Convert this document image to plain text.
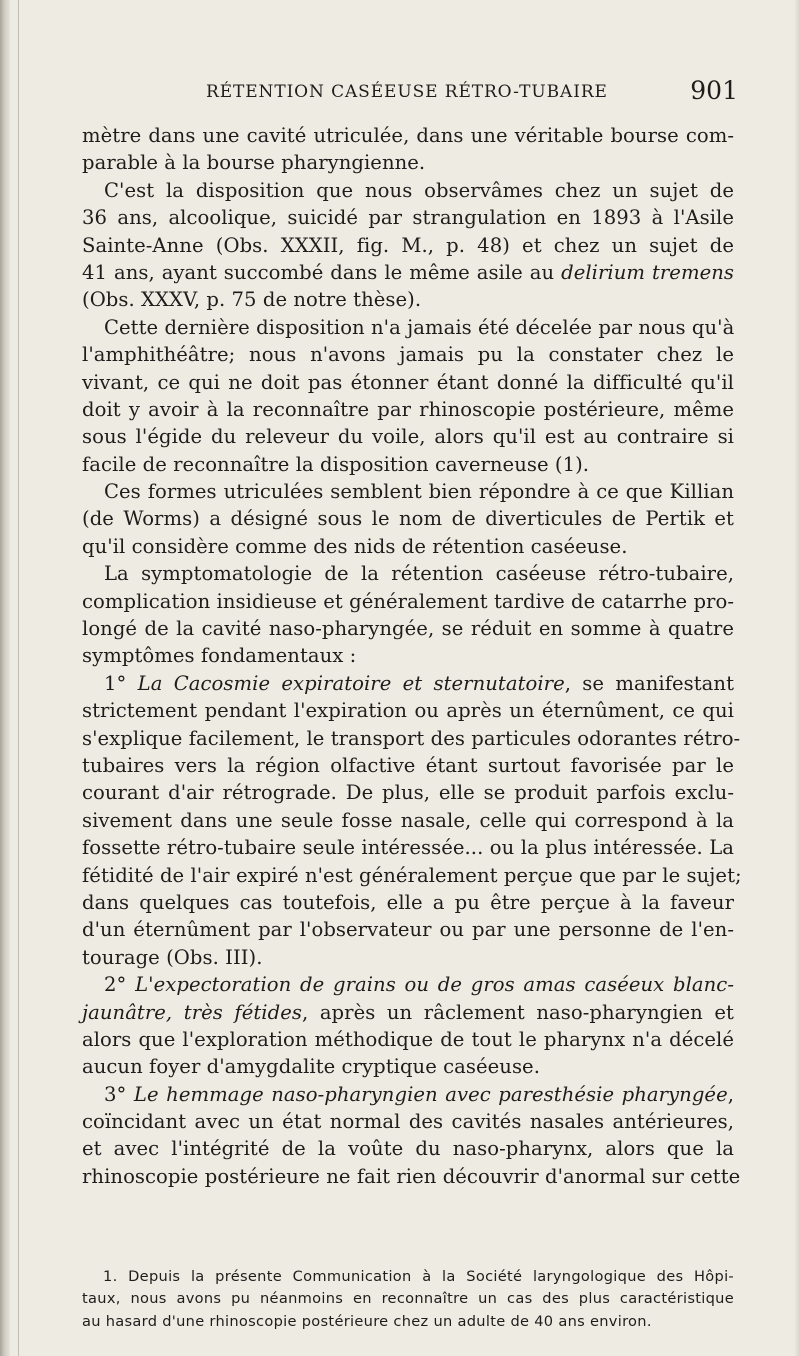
RÉTENTION CASÉEUSE RÉTRO-TUBAIRE	901
mètre dans une cavité utriculée, dans une véritable bourse com-
parable à la bourse pharyngienne.
C'est la disposition que nous observâmes chez un sujet de
36 ans, alcoolique, suicidé par strangulation en 1893 à l'Asile
Sainte-Anne (Obs. XXXII, fig. M., p. 48) et chez un sujet de
41 ans, ayant succombé dans le même asile au delirium tremens
(Obs. XXXV, p. 75 de notre thèse).
Cette dernière disposition n'a jamais été décelée par nous qu'à
l'amphithéâtre; nous n'avons jamais pu la constater chez le
vivant, ce qui ne doit pas étonner étant donné la difficulté qu'il
doit y avoir à la reconnaître par rhinoscopie postérieure, même
sous l'égide du releveur du voile, alors qu'il est au contraire si
facile de reconnaître la disposition caverneuse (1).
Ces formes utriculées semblent bien répondre à ce que Killian
(de Worms) a désigné sous le nom de diverticules de Pertik et
qu'il considère comme des nids de rétention caséeuse.
La symptomatologie de la rétention caséeuse rétro-tubaire,
complication insidieuse et généralement tardive de catarrhe pro-
longé de la cavité naso-pharyngée, se réduit en somme à quatre
symptômes fondamentaux :
1° La Cacosmie expiratoire et sternutatoire, se manifestant
strictement pendant l'expiration ou après un éternûment, ce qui
s'explique facilement, le transport des particules odorantes rétro-
tubaires vers la région olfactive étant surtout favorisée par le
courant d'air rétrograde. De plus, elle se produit parfois exclu-
sivement dans une seule fosse nasale, celle qui correspond à la
fossette rétro-tubaire seule intéressée... ou la plus intéressée. La
fétidité de l'air expiré n'est généralement perçue que par le sujet;
dans quelques cas toutefois, elle a pu être perçue à la faveur
d'un éternûment par l'observateur ou par une personne de l'en-
tourage (Obs. III).
2° L'expectoration de grains ou de gros amas caséeux blanc-
jaunâtre, très fétides, après un râclement naso-pharyngien et
alors que l'exploration méthodique de tout le pharynx n'a décelé
aucun foyer d'amygdalite cryptique caséeuse.
3° Le hemmage naso-pharyngien avec paresthésie pharyngée,
coïncidant avec un état normal des cavités nasales antérieures,
et avec l'intégrité de la voûte du naso-pharynx, alors que la
rhinoscopie postérieure ne fait rien découvrir d'anormal sur cette
1. Depuis la présente Communication à la Société laryngologique des Hôpi-
taux, nous avons pu néanmoins en reconnaître un cas des plus caractéristique
au hasard d'une rhinoscopie postérieure chez un adulte de 40 ans environ.
